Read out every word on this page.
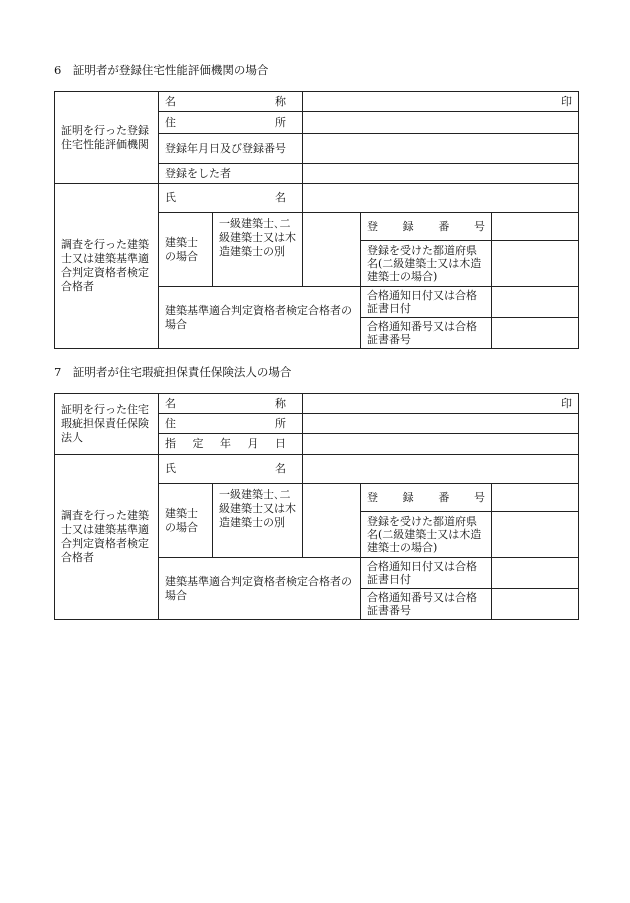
6　証明者が登録住宅性能評価機関の場合
証明を行った登録住宅性能評価機関	名 称		印		

	住 所				

	登録年月日及び登録番号				
	登録をした者				
調査を行った建築士又は建築基準適合判定資格者検定合格者	氏 名				

	建築士の場合	一級建築士､二級建築士又は木造建築士の別		登 録 番 号	

				登録を受けた都道府県名(二級建築士又は木造建築士の場合)	

	建築基準適合判定資格者検定合格者の場合			合格通知日付又は合格証書日付	
				合格通知番号又は合格証書番号	
7　証明者が住宅瑕疵担保責任保険法人の場合
証明を行った住宅瑕疵担保責任保険法人	名 称		印		

	住 所				

	指 定 年 月 日				

調査を行った建築士又は建築基準適合判定資格者検定合格者	氏 名				

	建築士の場合	一級建築士､二級建築士又は木造建築士の別		登 録 番 号	

				登録を受けた都道府県名(二級建築士又は木造建築士の場合)	

	建築基準適合判定資格者検定合格者の場合			合格通知日付又は合格証書日付	
				合格通知番号又は合格証書番号	
